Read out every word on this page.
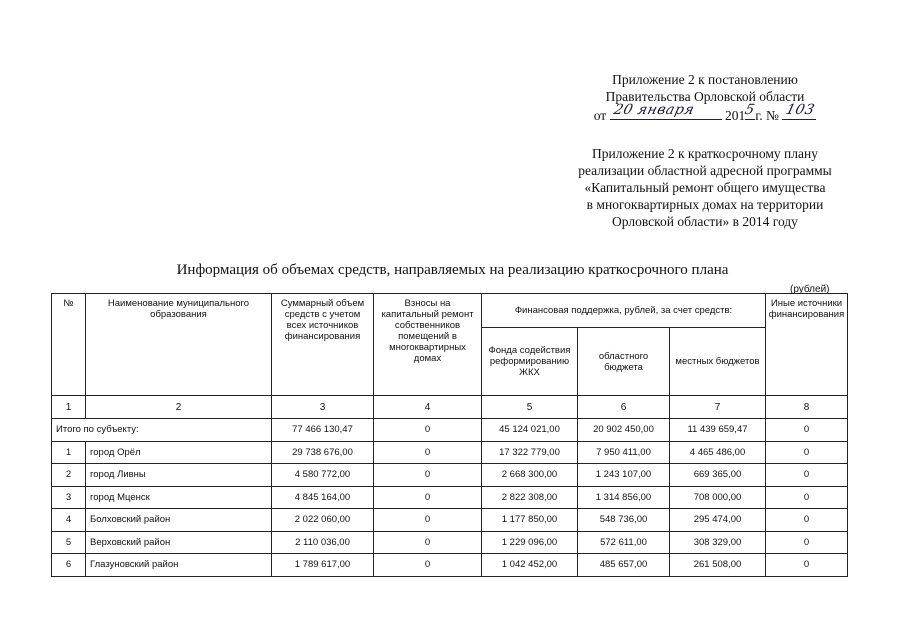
Приложение 2 к постановлению
Правительства Орловской области
от 20 января 201
5
г. № 103
Приложение 2 к краткосрочному плану
реализации областной адресной программы
«Капитальный ремонт общего имущества
в многоквартирных домах на территории
Орловской области» в 2014 году
Информация об объемах средств, направляемых на реализацию краткосрочного плана
(рублей)
№	Наименование муниципального образования	Суммарный объем средств с учетом всех источников финансирования	Взносы на капитальный ремонт собственников помещений в многоквартирных домах	Финансовая поддержка, рублей, за счет средств:			Иные источники финансирования
				Фонда содействия реформированию ЖКХ	областного бюджета	местных бюджетов	
1	2	3	4	5	6	7	8
Итого по субъекту:		77 466 130,47	0	45 124 021,00	20 902 450,00	11 439 659,47	0
1	город Орёл	29 738 676,00	0	17 322 779,00	7 950 411,00	4 465 486,00	0
2	город Ливны	4 580 772,00	0	2 668 300,00	1 243 107,00	669 365,00	0
3	город Мценск	4 845 164,00	0	2 822 308,00	1 314 856,00	708 000,00	0
4	Болховский район	2 022 060,00	0	1 177 850,00	548 736,00	295 474,00	0
5	Верховский район	2 110 036,00	0	1 229 096,00	572 611,00	308 329,00	0
6	Глазуновский район	1 789 617,00	0	1 042 452,00	485 657,00	261 508,00	0
